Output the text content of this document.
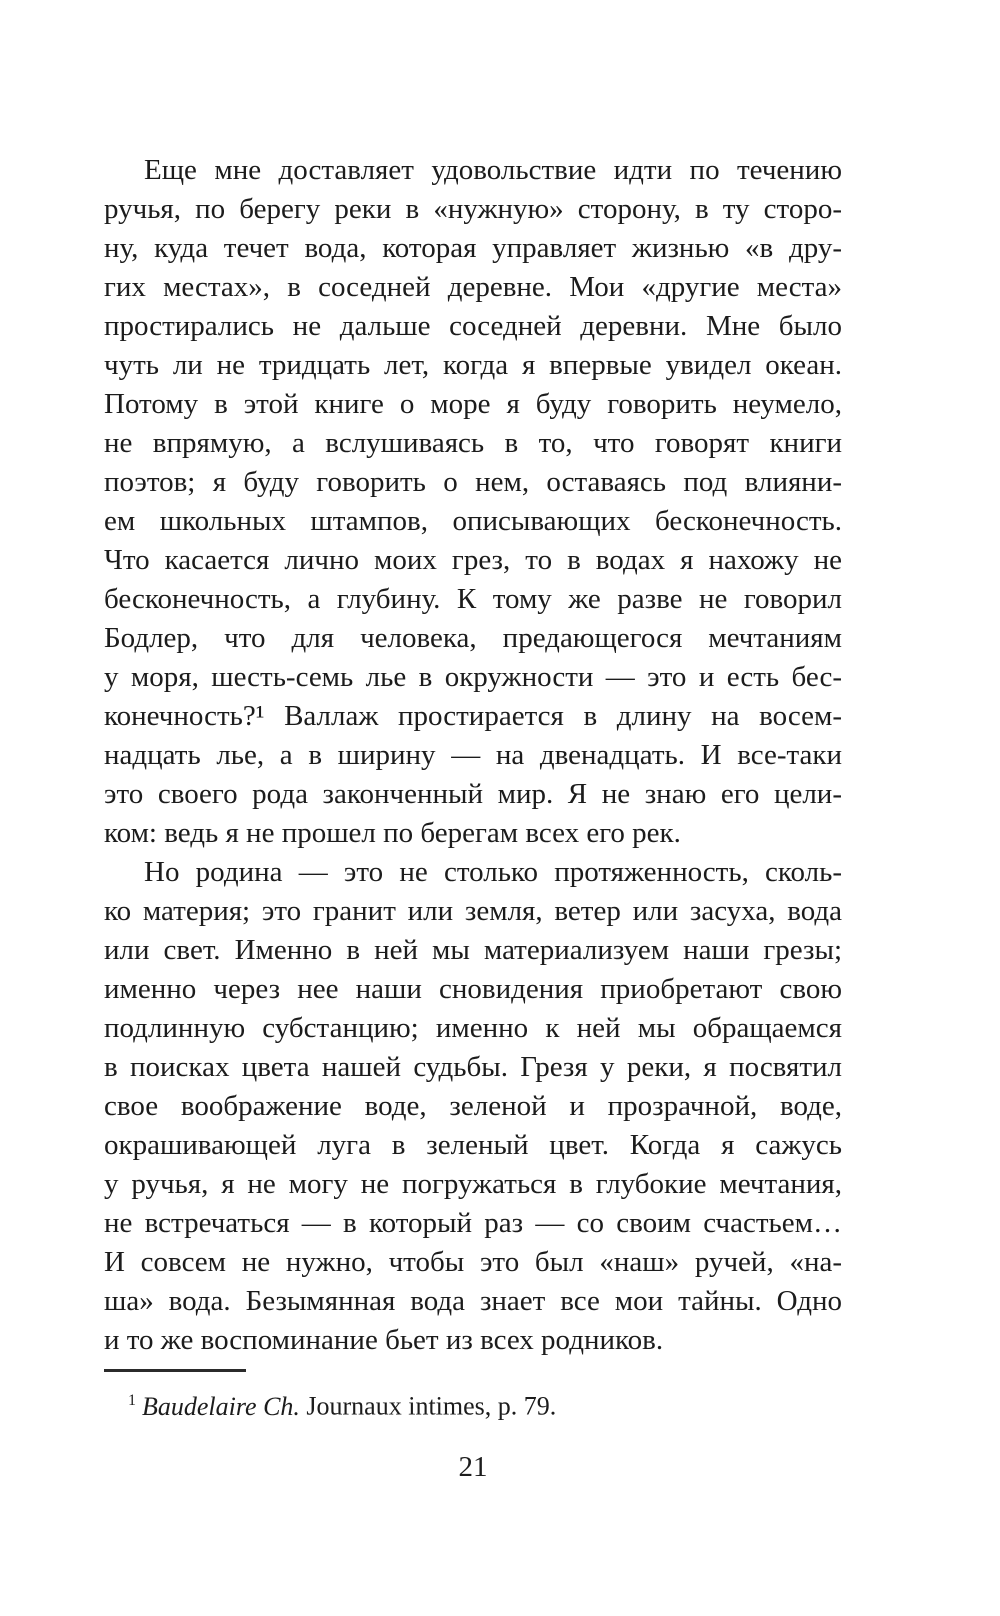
Еще мне доставляет удовольствие идти по течению
ручья, по берегу реки в «нужную» сторону, в ту сторо-
ну, куда течет вода, которая управляет жизнью «в дру-
гих местах», в соседней деревне. Мои «другие места»
простирались не дальше соседней деревни. Мне было
чуть ли не тридцать лет, когда я впервые увидел океан.
Потому в этой книге о море я буду говорить неумело,
не впрямую, а вслушиваясь в то, что говорят книги
поэтов; я буду говорить о нем, оставаясь под влияни-
ем школьных штампов, описывающих бесконечность.
Что касается лично моих грез, то в водах я нахожу не
бесконечность, а глубину. К тому же разве не говорил
Бодлер, что для человека, предающегося мечтаниям
у моря, шесть-семь лье в окружности — это и есть бес-
конечность?¹ Валлаж простирается в длину на восем-
надцать лье, а в ширину — на двенадцать. И все-таки
это своего рода законченный мир. Я не знаю его цели-
ком: ведь я не прошел по берегам всех его рек.
Но родина — это не столько протяженность, сколь-
ко материя; это гранит или земля, ветер или засуха, вода
или свет. Именно в ней мы материализуем наши грезы;
именно через нее наши сновидения приобретают свою
подлинную субстанцию; именно к ней мы обращаемся
в поисках цвета нашей судьбы. Грезя у реки, я посвятил
свое воображение воде, зеленой и прозрачной, воде,
окрашивающей луга в зеленый цвет. Когда я сажусь
у ручья, я не могу не погружаться в глубокие мечтания,
не встречаться — в который раз — со своим счастьем…
И совсем не нужно, чтобы это был «наш» ручей, «на-
ша» вода. Безымянная вода знает все мои тайны. Одно
и то же воспоминание бьет из всех родников.
$^1$ Baudelaire Ch. Journaux intimes, p. 79.
21
